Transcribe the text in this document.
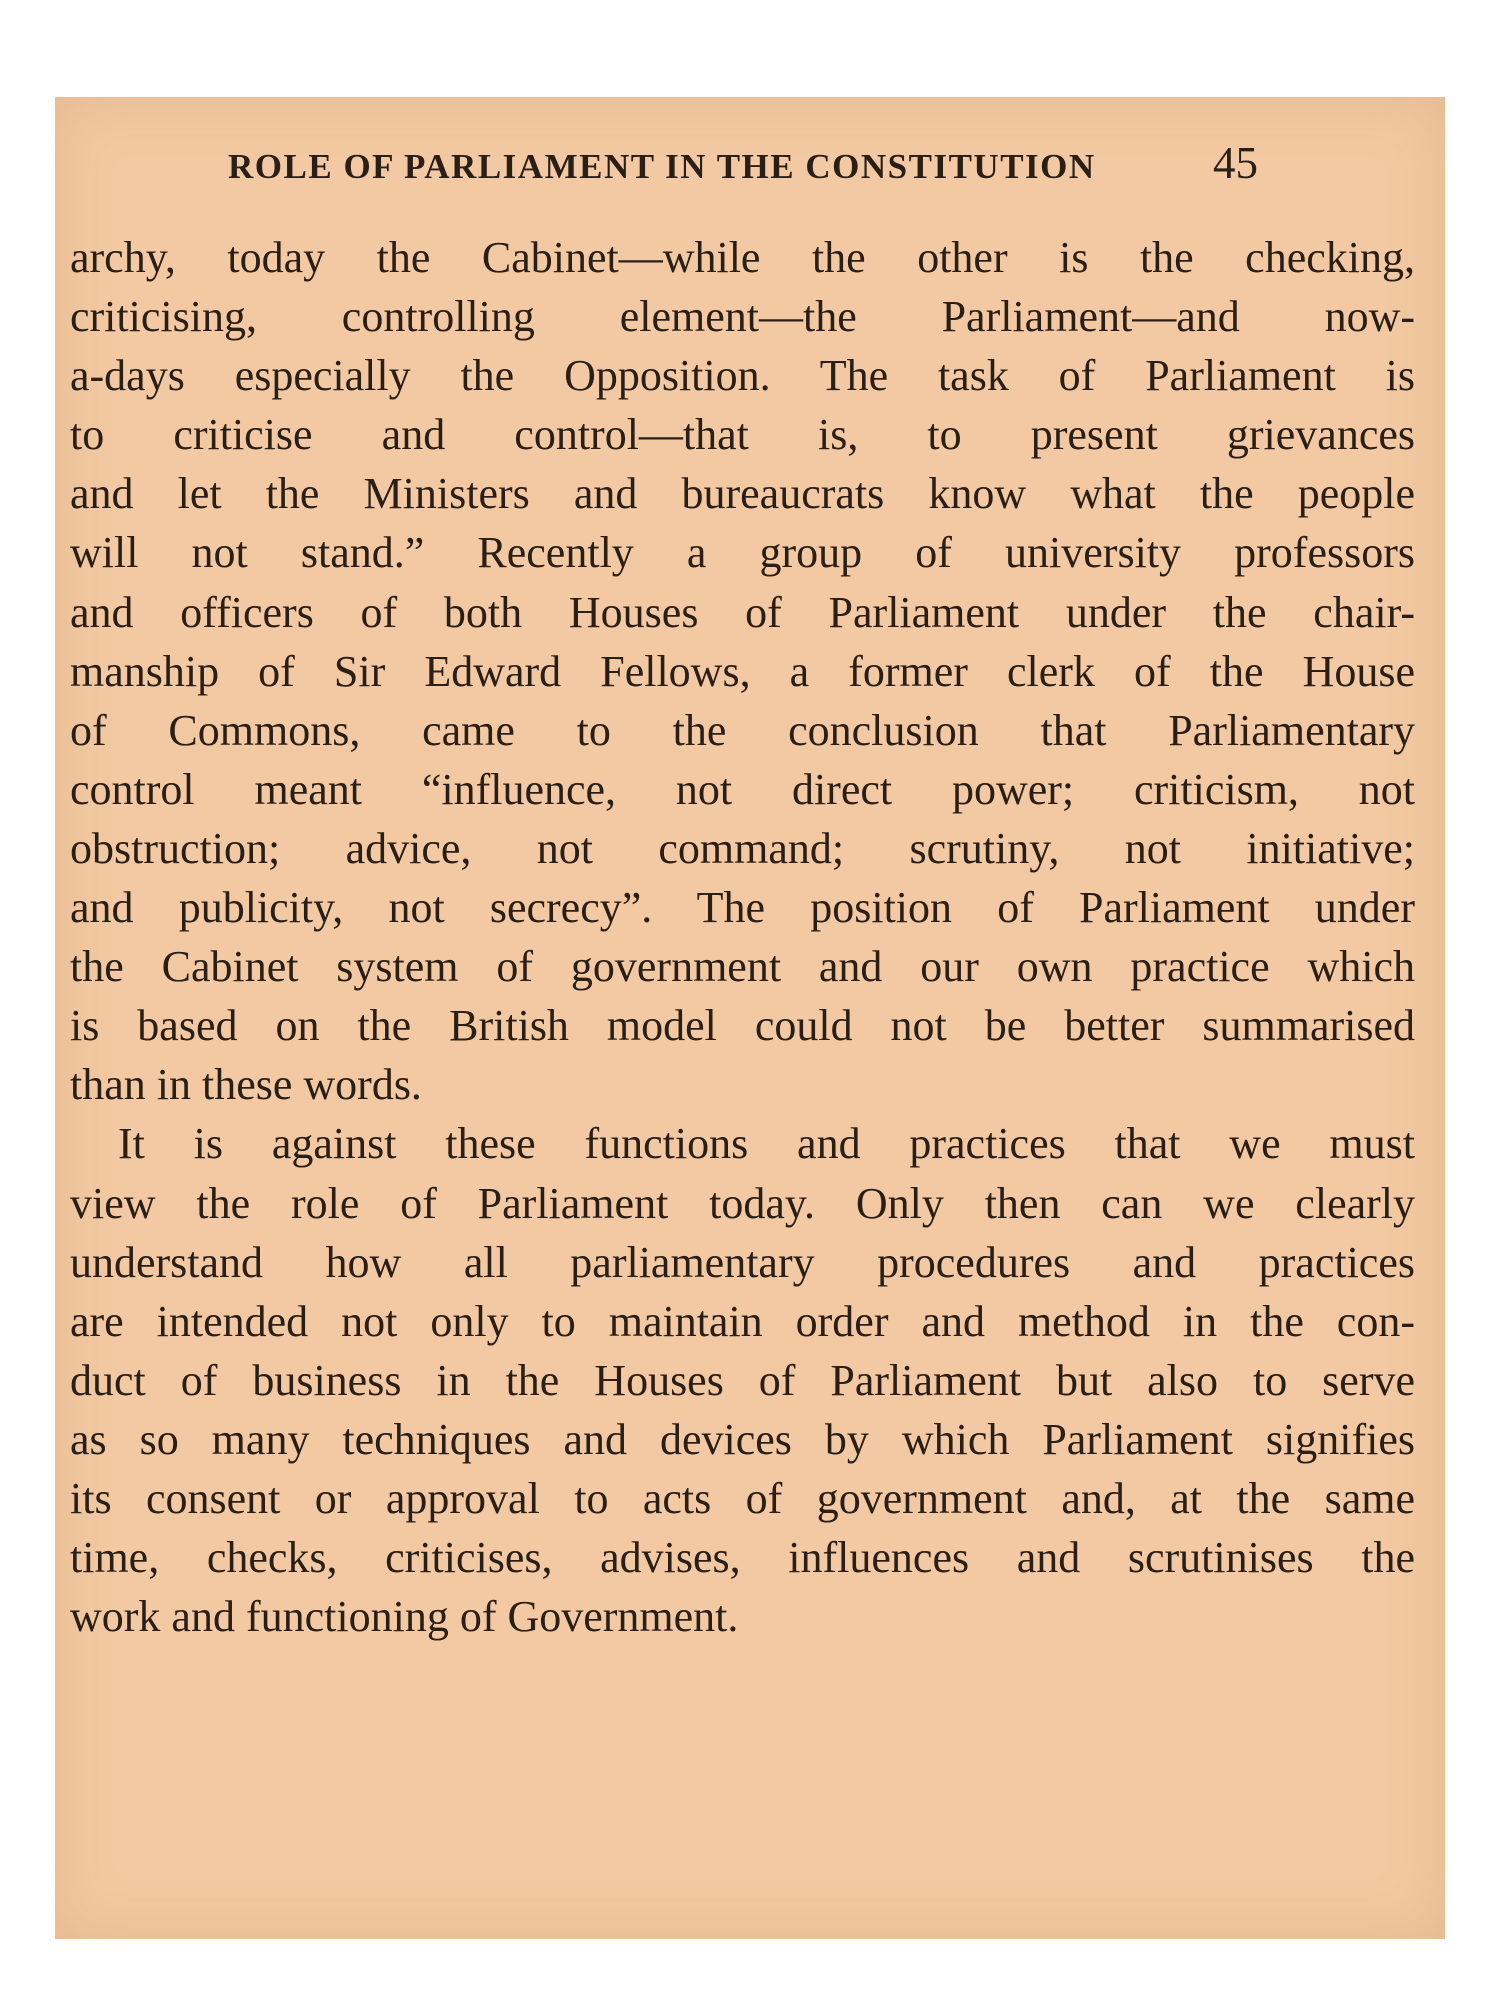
ROLE OF PARLIAMENT IN THE CONSTITUTION	45
archy, today the Cabinet—while the other is the checking,
criticising, controlling element—the Parliament—and now-
a-days especially the Opposition. The task of Parliament is
to criticise and control—that is, to present grievances
and let the Ministers and bureaucrats know what the people
will not stand.” Recently a group of university professors
and officers of both Houses of Parliament under the chair-
manship of Sir Edward Fellows, a former clerk of the House
of Commons, came to the conclusion that Parliamentary
control meant “influence, not direct power; criticism, not
obstruction; advice, not command; scrutiny, not initiative;
and publicity, not secrecy”. The position of Parliament under
the Cabinet system of government and our own practice which
is based on the British model could not be better summarised
than in these words.
It is against these functions and practices that we must
view the role of Parliament today. Only then can we clearly
understand how all parliamentary procedures and practices
are intended not only to maintain order and method in the con-
duct of business in the Houses of Parliament but also to serve
as so many techniques and devices by which Parliament signifies
its consent or approval to acts of government and, at the same
time, checks, criticises, advises, influences and scrutinises the
work and functioning of Government.
